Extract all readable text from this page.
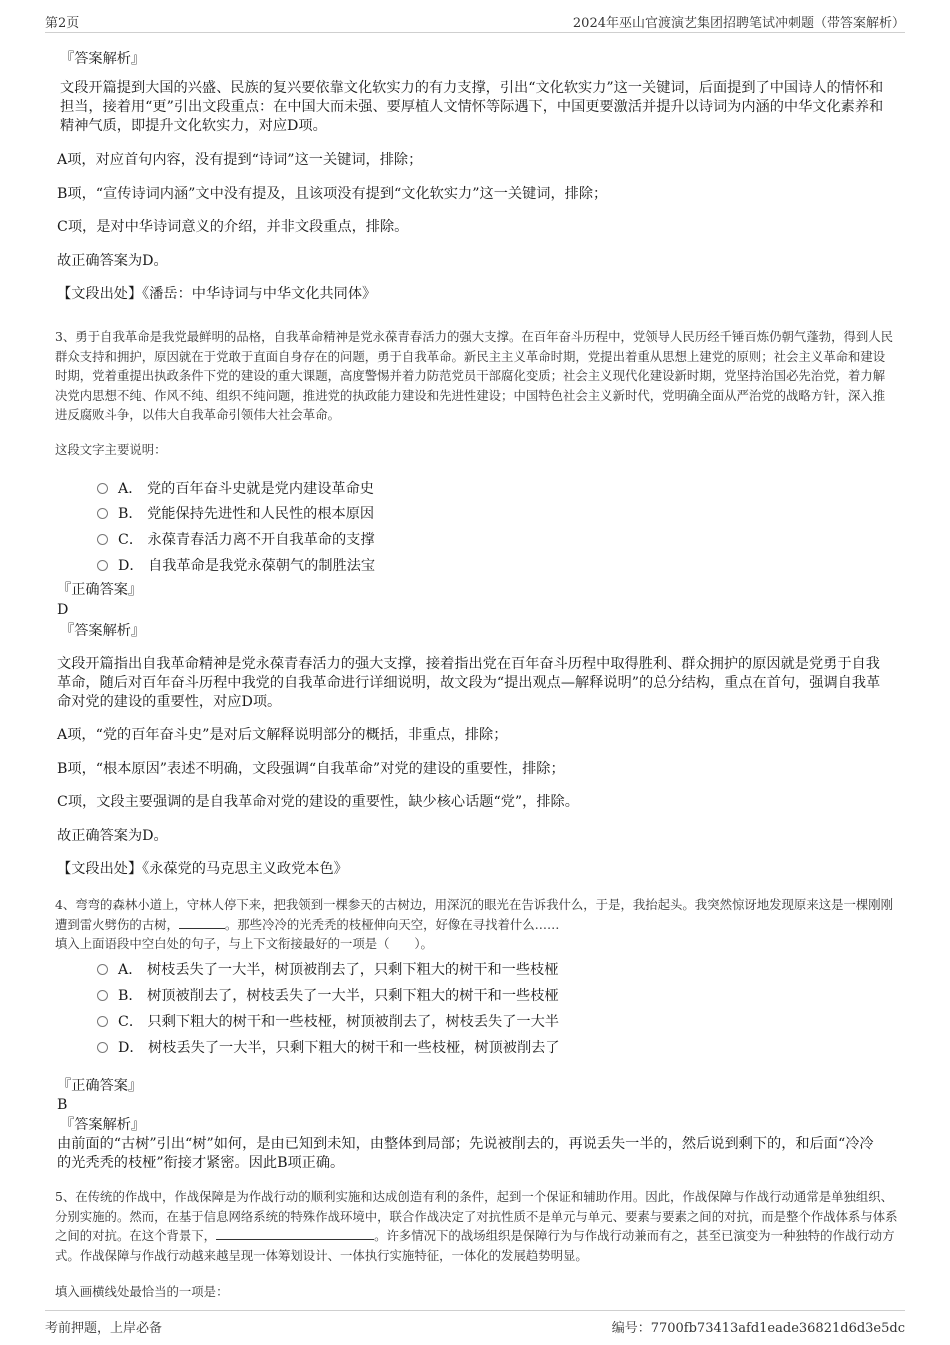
第2页	2024年巫山官渡演艺集团招聘笔试冲刺题（带答案解析）

『答案解析』

文段开篇提到大国的兴盛、民族的复兴要依靠文化软实力的有力支撑，引出“文化软实力”这一关键词，后面提到了中国诗人的情怀和担当，接着用“更”引出文段重点：在中国大而未强、要厚植人文情怀等际遇下，中国更要激活并提升以诗词为内涵的中华文化素养和精神气质，即提升文化软实力，对应D项。

A项，对应首句内容，没有提到“诗词”这一关键词，排除；

B项，“宣传诗词内涵”文中没有提及，且该项没有提到“文化软实力”这一关键词，排除；

C项，是对中华诗词意义的介绍，并非文段重点，排除。

故正确答案为D。

【文段出处】《潘岳：中华诗词与中华文化共同体》

3、勇于自我革命是我党最鲜明的品格，自我革命精神是党永葆青春活力的强大支撑。在百年奋斗历程中，党领导人民历经千锤百炼仍朝气蓬勃，得到人民群众支持和拥护，原因就在于党敢于直面自身存在的问题，勇于自我革命。新民主主义革命时期，党提出着重从思想上建党的原则；社会主义革命和建设时期，党着重提出执政条件下党的建设的重大课题，高度警惕并着力防范党员干部腐化变质；社会主义现代化建设新时期，党坚持治国必先治党，着力解决党内思想不纯、作风不纯、组织不纯问题，推进党的执政能力建设和先进性建设；中国特色社会主义新时代，党明确全面从严治党的战略方针，深入推进反腐败斗争，以伟大自我革命引领伟大社会革命。

这段文字主要说明：

A． 党的百年奋斗史就是党内建设革命史
B． 党能保持先进性和人民性的根本原因
C． 永葆青春活力离不开自我革命的支撑
D． 自我革命是我党永葆朝气的制胜法宝

『正确答案』

D

『答案解析』

文段开篇指出自我革命精神是党永葆青春活力的强大支撑，接着指出党在百年奋斗历程中取得胜利、群众拥护的原因就是党勇于自我革命，随后对百年奋斗历程中我党的自我革命进行详细说明，故文段为“提出观点—解释说明”的总分结构，重点在首句，强调自我革命对党的建设的重要性，对应D项。

A项，“党的百年奋斗史”是对后文解释说明部分的概括，非重点，排除；

B项，“根本原因”表述不明确，文段强调“自我革命”对党的建设的重要性，排除；

C项，文段主要强调的是自我革命对党的建设的重要性，缺少核心话题“党”，排除。

故正确答案为D。

【文段出处】《永葆党的马克思主义政党本色》

4、弯弯的森林小道上，守林人停下来，把我领到一棵参天的古树边，用深沉的眼光在告诉我什么，于是，我抬起头。我突然惊讶地发现原来这是一棵刚刚遭到雷火劈伤的古树，	。那些冷冷的光秃秃的枝桠伸向天空，好像在寻找着什么……

填入上面语段中空白处的句子，与上下文衔接最好的一项是（　　）。

A． 树枝丢失了一大半，树顶被削去了，只剩下粗大的树干和一些枝桠
B． 树顶被削去了，树枝丢失了一大半，只剩下粗大的树干和一些枝桠
C． 只剩下粗大的树干和一些枝桠，树顶被削去了，树枝丢失了一大半
D． 树枝丢失了一大半，只剩下粗大的树干和一些枝桠，树顶被削去了

『正确答案』

B

『答案解析』

由前面的“古树”引出“树”如何，是由已知到未知，由整体到局部；先说被削去的，再说丢失一半的，然后说到剩下的，和后面“冷冷的光秃秃的枝桠”衔接才紧密。因此B项正确。

5、在传统的作战中，作战保障是为作战行动的顺利实施和达成创造有利的条件，起到一个保证和辅助作用。因此，作战保障与作战行动通常是单独组织、分别实施的。然而，在基于信息网络系统的特殊作战环境中，联合作战决定了对抗性质不是单元与单元、要素与要素之间的对抗，而是整个作战体系与体系之间的对抗。在这个背景下，	。许多情况下的战场组织是保障行为与作战行动兼而有之，甚至已演变为一种独特的作战行动方式。作战保障与作战行动越来越呈现一体筹划设计、一体执行实施特征，一体化的发展趋势明显。

填入画横线处最恰当的一项是：

考前押题，上岸必备	编号：7700fb73413afd1eade36821d6d3e5dc
